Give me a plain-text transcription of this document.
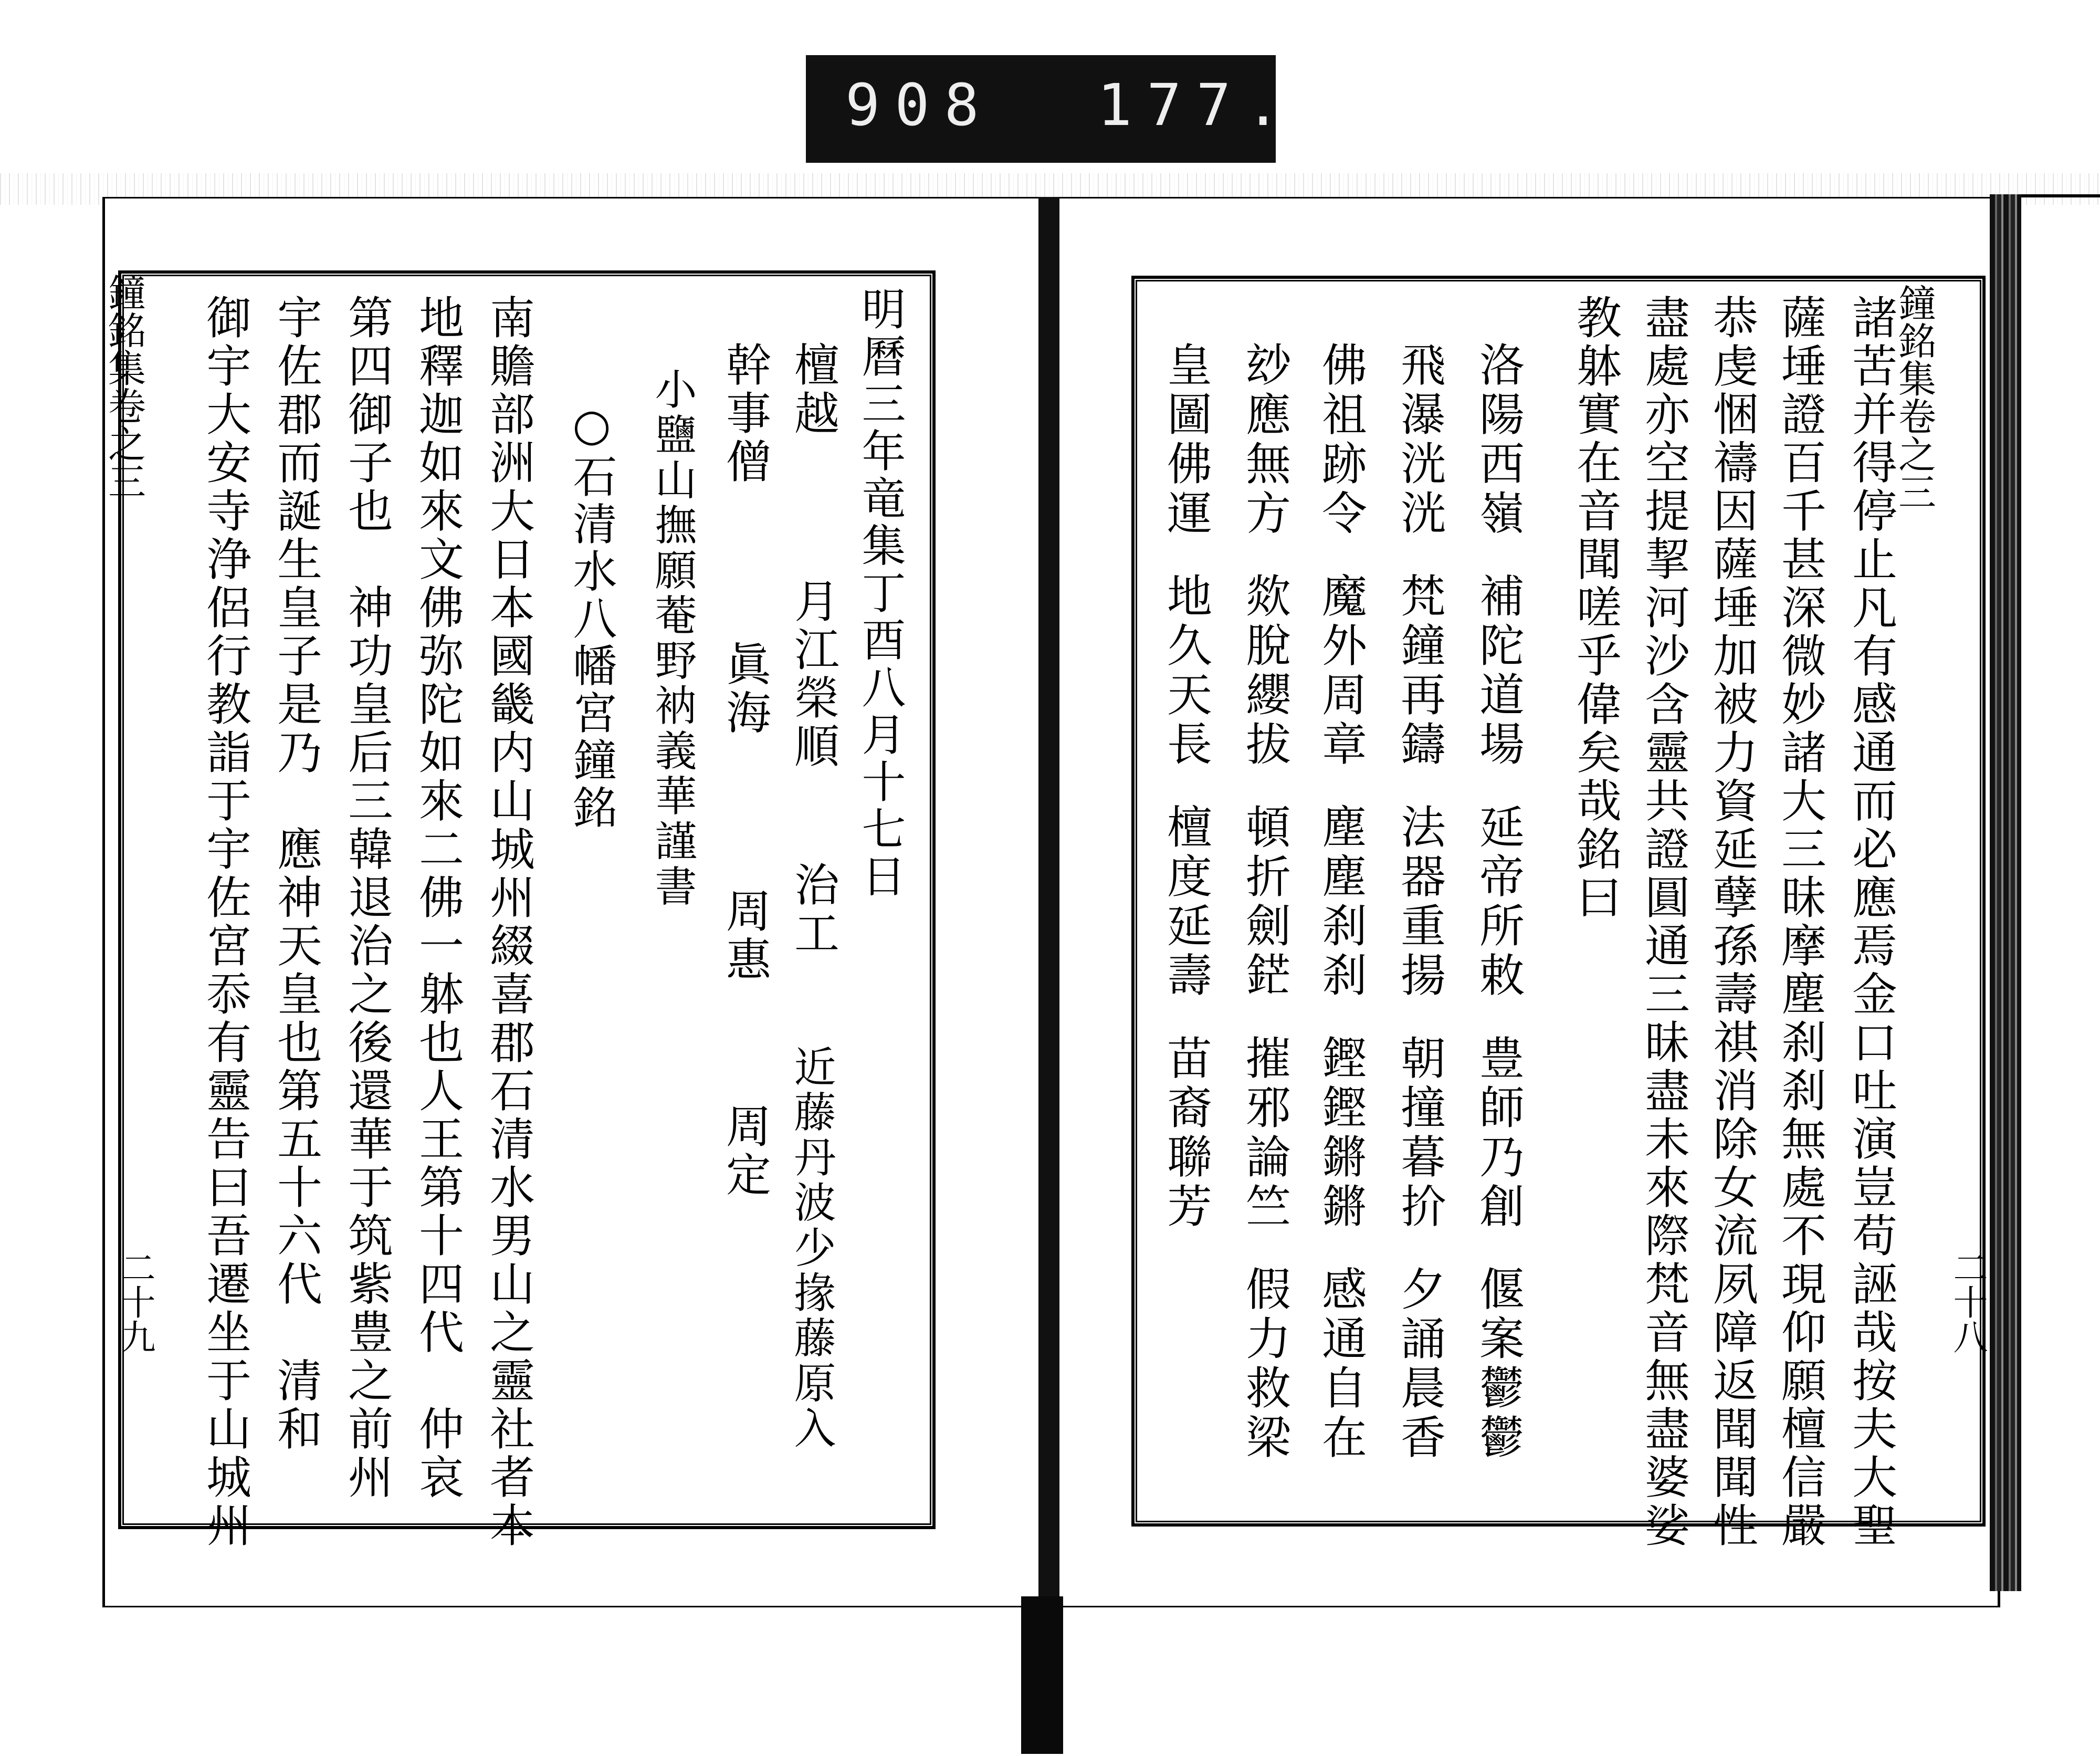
908 177.
鐘銘集卷之三
二十九
鐘銘集卷之三
二十八
諸苦并得停止凡有感通而必應焉金口吐演豈苟誣哉按夫大聖
薩埵證百千甚深微妙諸大三昧摩塵刹刹無處不現仰願檀信嚴
恭虔悃禱因薩埵加被力資延孽孫壽祺消除女流夙障返聞聞性
盡處亦空提挈河沙含靈共證圓通三昧盡未來際梵音無盡婆娑
教躰實在音聞嗟乎偉矣哉銘曰
洛陽西嶺
補陀道場
延帝所敕
豊師乃創
偃案鬱鬱
飛瀑洸洸
梵鐘再鑄
法器重揚
朝撞暮扴
夕誦晨香
佛祖跡令
魔外周章
塵塵刹刹
鏗鏗鏘鏘
感通自在
玅應無方
欻脫纓拔
頓折劍鋩
摧邪論竺
假力救梁
皇圖佛運
地久天長
檀度延壽
苗裔聯芳
明曆三年竜集丁酉八月十七日
檀越
月江榮順
治工
近藤丹波少掾藤原入
幹事僧
眞海
周惠
周定
小鹽山撫願菴野衲義華謹書
○石清水八幡宮鐘銘
南贍部洲大日本國畿内山城州綴喜郡石清水男山之靈社者本
地釋迦如來文佛弥陀如來二佛一躰也人王第十四代　仲哀
第四御子也　神功皇后三韓退治之後還華于筑紫豊之前州
宇佐郡而誕生皇子是乃　應神天皇也第五十六代　清和
御宇大安寺浄侶行教詣于宇佐宮忝有靈告曰吾遷坐于山城州
